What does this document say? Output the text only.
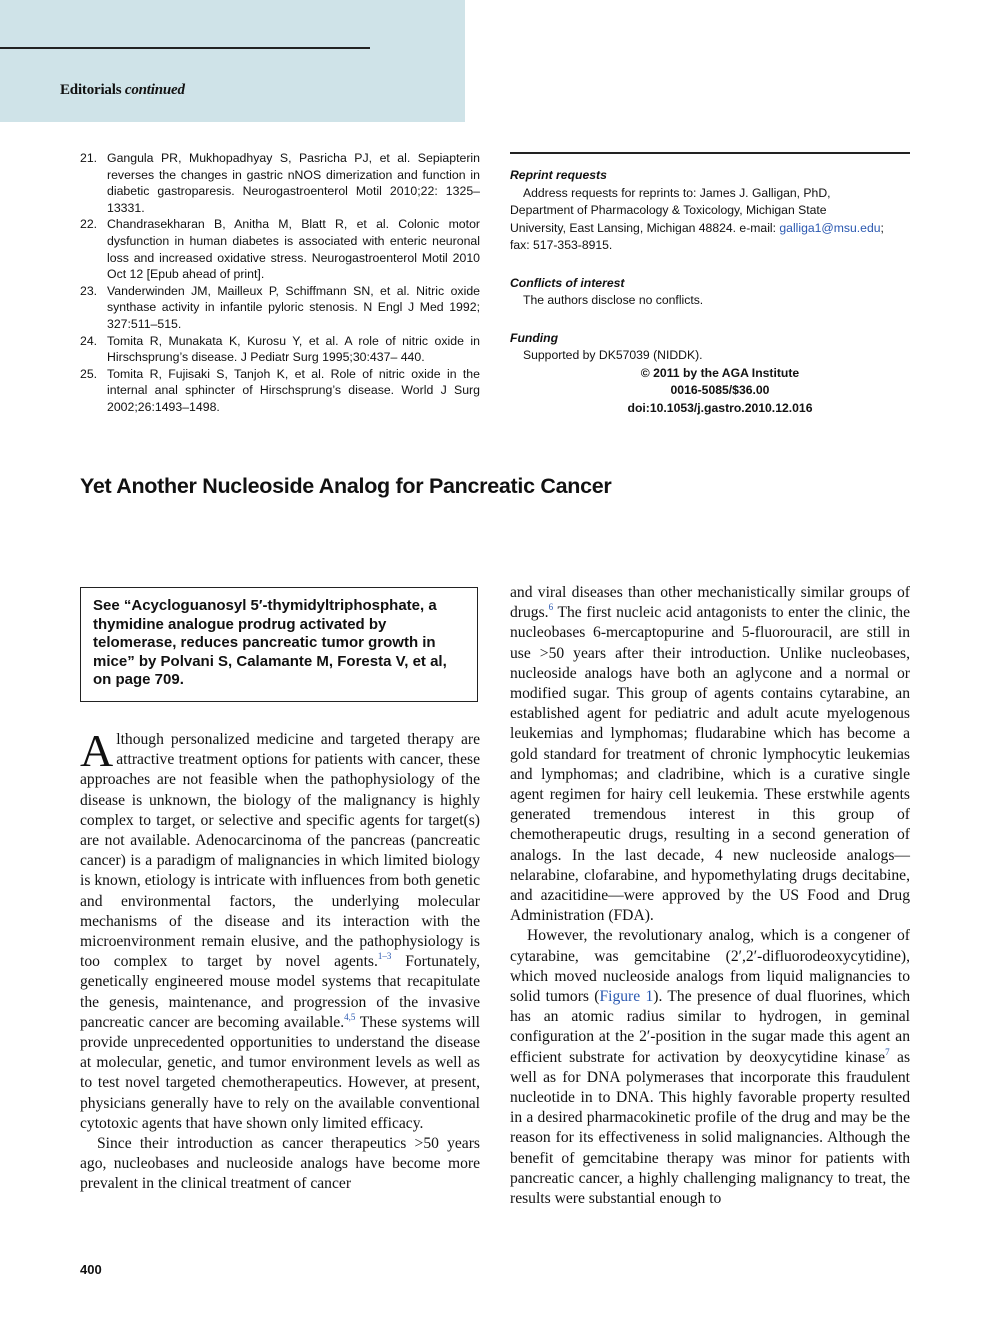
Editorials continued

21. Gangula PR, Mukhopadhyay S, Pasricha PJ, et al. Sepiapterin reverses the changes in gastric nNOS dimerization and function in diabetic gastroparesis. Neurogastroenterol Motil 2010;22: 1325–13331.

22. Chandrasekharan B, Anitha M, Blatt R, et al. Colonic motor dysfunction in human diabetes is associated with enteric neuronal loss and increased oxidative stress. Neurogastroenterol Motil 2010 Oct 12 [Epub ahead of print].

23. Vanderwinden JM, Mailleux P, Schiffmann SN, et al. Nitric oxide synthase activity in infantile pyloric stenosis. N Engl J Med 1992; 327:511–515.

24. Tomita R, Munakata K, Kurosu Y, et al. A role of nitric oxide in Hirschsprung’s disease. J Pediatr Surg 1995;30:437– 440.

25. Tomita R, Fujisaki S, Tanjoh K, et al. Role of nitric oxide in the internal anal sphincter of Hirschsprung’s disease. World J Surg 2002;26:1493–1498.

Reprint requests
Address requests for reprints to: James J. Galligan, PhD,
Department of Pharmacology & Toxicology, Michigan State
University, East Lansing, Michigan 48824. e-mail: galliga1@msu.edu;
fax: 517-353-8915.
Conflicts of interest
The authors disclose no conflicts.
Funding
Supported by DK57039 (NIDDK).
© 2011 by the AGA Institute
0016-5085/$36.00
doi:10.1053/j.gastro.2010.12.016
Yet Another Nucleoside Analog for Pancreatic Cancer
See “Acycloguanosyl 5′-thymidyltriphosphate, a thymidine analogue prodrug activated by telomerase, reduces pancreatic tumor growth in mice” by Polvani S, Calamante M, Foresta V, et al, on page 709.

Although personalized medicine and targeted therapy are attractive treatment options for patients with cancer, these approaches are not feasible when the pathophysiology of the disease is unknown, the biology of the malignancy is highly complex to target, or selective and specific agents for target(s) are not available. Adenocarcinoma of the pancreas (pancreatic cancer) is a paradigm of malignancies in which limited biology is known, etiology is intricate with influences from both genetic and environmental factors, the underlying molecular mechanisms of the disease and its interaction with the microenvironment remain elusive, and the pathophysiology is too complex to target by novel agents.$^{1-3}$ Fortunately, genetically engineered mouse model systems that recapitulate the genesis, maintenance, and progression of the invasive pancreatic cancer are becoming available.$^{4,5}$ These systems will provide unprecedented opportunities to understand the disease at molecular, genetic, and tumor environment levels as well as to test novel targeted chemotherapeutics. However, at present, physicians generally have to rely on the available conventional cytotoxic agents that have shown only limited efficacy.

Since their introduction as cancer therapeutics >50 years ago, nucleobases and nucleoside analogs have become more prevalent in the clinical treatment of cancer

and viral diseases than other mechanistically similar groups of drugs.$^6$ The first nucleic acid antagonists to enter the clinic, the nucleobases 6-mercaptopurine and 5-fluorouracil, are still in use >50 years after their introduction. Unlike nucleobases, nucleoside analogs have both an aglycone and a normal or modified sugar. This group of agents contains cytarabine, an established agent for pediatric and adult acute myelogenous leukemias and lymphomas; fludarabine which has become a gold standard for treatment of chronic lymphocytic leukemias and lymphomas; and cladribine, which is a curative single agent regimen for hairy cell leukemia. These erstwhile agents generated tremendous interest in this group of chemotherapeutic drugs, resulting in a second generation of analogs. In the last decade, 4 new nucleoside analogs—nelarabine, clofarabine, and hypomethylating drugs decitabine, and azacitidine—were approved by the US Food and Drug Administration (FDA).

However, the revolutionary analog, which is a congener of cytarabine, was gemcitabine (2′,2′-difluorodeoxycytidine), which moved nucleoside analogs from liquid malignancies to solid tumors (Figure 1). The presence of dual fluorines, which has an atomic radius similar to hydrogen, in geminal configuration at the 2′-position in the sugar made this agent an efficient substrate for activation by deoxycytidine kinase$^7$ as well as for DNA polymerases that incorporate this fraudulent nucleotide in to DNA. This highly favorable property resulted in a desired pharmacokinetic profile of the drug and may be the reason for its effectiveness in solid malignancies. Although the benefit of gemcitabine therapy was minor for patients with pancreatic cancer, a highly challenging malignancy to treat, the results were substantial enough to

400
